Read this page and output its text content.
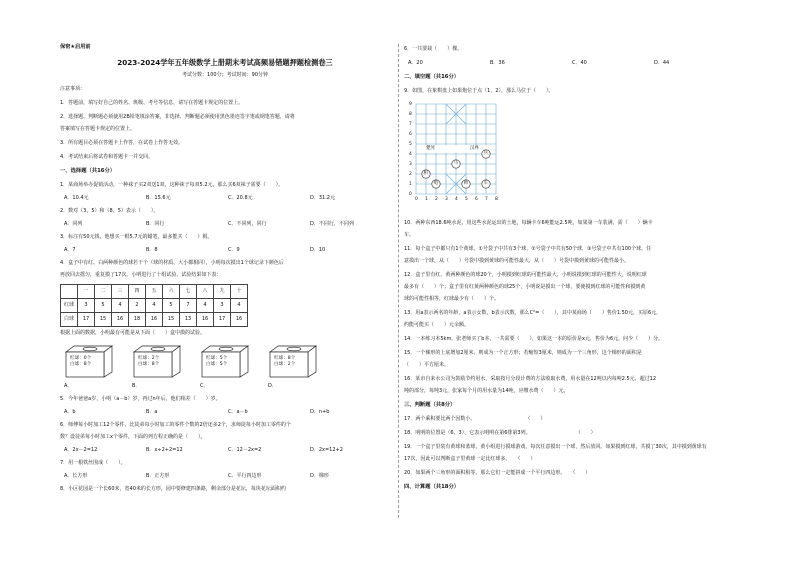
保密★启用前
2023-2024学年五年级数学上册期末考试高频易错题押题检测卷三
考试分数：100分；考试时间：90分钟
注意事项：
1．答题前，填写好自己的姓名、班级、考号等信息，请写在答题卡规定的位置上。
2．选择题、判断题必须使用2B铅笔填涂答案，非选择、判断题必须使用黑色墨迹签字笔或钢笔答题，请将
答案填写在答题卡规定的位置上。
3．所有题目必须在答题卡上作答，在试卷上作答无效。
4．考试结束后将试卷和答题卡一并交回。
一、选择题（共16分）
1．某商场举办促销活动，一种袜子买2双送1双，这种袜子每双5.2元，那么买6双袜子需要（　　）。
A．10.4元	B．15.6元	C．20.8元	D．31.2元
2．数对（3，5）和（8，5）表示（　　）。
A．同列	B．同行	C．不同列，同行	D．不同行，不同列
3．标注有50元钱，他想买一根5.7元的蜡笔，最多能买（　　）根。
A．7	B．8	C．9	D．10
4．盒子中有红、白两种颜色的球若干个（球的材质、大小都相同），小明每次摸出1个球记录下颜色后
再放回去摇匀，重复摸了17次，小明进行了十组试验，试验结果如下表：
	一	二	三	四	五	六	七	八	九	十
红球	3	5	4	2	4	5	7	4	3	4
白球	17	15	16	18	16	15	13	16	17	16
根据上面的数据，小明最有可能是从下面（　　）盒中摸的试验。
红球：0个
白球：8个
红球：2个
白球：8个
红球：5个
白球：5个
红球：8个
白球：2个
A．	B．	C．	D．
5．今年爸爸a岁，小明（a－b）岁，再过n年后，他们相差（　　）岁。
A．b	B．a	C．a－b	D．n+b
6．师傅每小时加工12个零件，比徒弟每小时加工的零件个数的2倍还多2个，求师徒每小时加工零件的个
数？设徒弟每小时加工x个零件，下面的列方程正确的是（　　）。
A．2x－2=12	B．x÷2+2=12	C．12－2x=2	D．2x=12+2
7．用一根铁丝围成（　　）。
A．长方形	B．正方形	C．平行四边形	D．梯形
8．小区花园是一个长60米，宽40米的长方形，园中要修建四条路，剩余部分是花坛，每块花坛面积约
6．一共要栽（　　）棵。
A．20	B．36	C．40	D．44
二、填空题（共16分）
9．如图，在象棋盘上如果炮位于点（1，2），那么马位于（　　）。
楚河	汉界
马
兵
相
炮	帅	车
9
8
7
6
5
4
3
2
1
0
0 1 2 3 4 5 6 7 8
10．两种东西18.6吨水泥，用这些水泥运出的土地，每辆卡车6吨能运2.5吨，如果第一车装满，需（　　）辆卡
车。
11．每个盒子中都只有1个黄球。①号袋子中共有3个球，②号袋子中共有50个球，③号袋子中共有100个球。任
意摸出一个球，从（　　）号袋中摸到黄球的可能性最大，从（　　）号袋中摸到黄球的可能性最小。
12．盒子里有红、黄两种颜色的球20个，小明摸到红球的可能性最大，小明说摸到红球的可能性大，说明红球
最多有（　　）个；盒子里有红黄两种颜色的球25个，小明说是摸出一个球，要使摸到红球的可能性和摸到黄
球的可能性相等，红球最少有（　　）个。
13．用a表示两名的年龄，a表示女数，b表示次数，那么C²=（　　），其中某商场（　　）售价1.50元，买原6元，
约能可能买（　　）元余额。
14．一本练习本5km，张老师买了b本，一共需要（　　），如果这一本的原价是x元，售价为6元，问少（　　）分。
15．一个梯形的上底增加2厘米，则成为一个正方形；若缩短3厘米，则成为一个三角形，这个梯形的面积是
（　　）平方厘米。
16．某市自来水公司为鼓励节约用水，采取按月分段计费的方法收取水费。用水量在12吨以内每吨2.5元，超过12
吨的部分，每吨3元，张家每个月的用水量为14吨，应缴水费（　　）元。
三、判断题（共8分）
17．两个乘积要比两个因数小。　　　　　　　　　　　（　　）
18．明明的位置是（6，3），它表示明明在第6排第3列。　　　　　　　　　　（　　）
19．一个盒子里装有黄球和蓝球，黄小组进行摸球游戏，每次任意摸出一个球，然后放回。如果摸到红球，共摸了30次，其中摸到黄球有
17次，因此可以判断盒子里黄球一定比红球多。　　（　　）
20．如果两个三角形的面积相等，那么它们一定能拼成一个平行四边形。　　（　　）
四、计算题（共18分）
